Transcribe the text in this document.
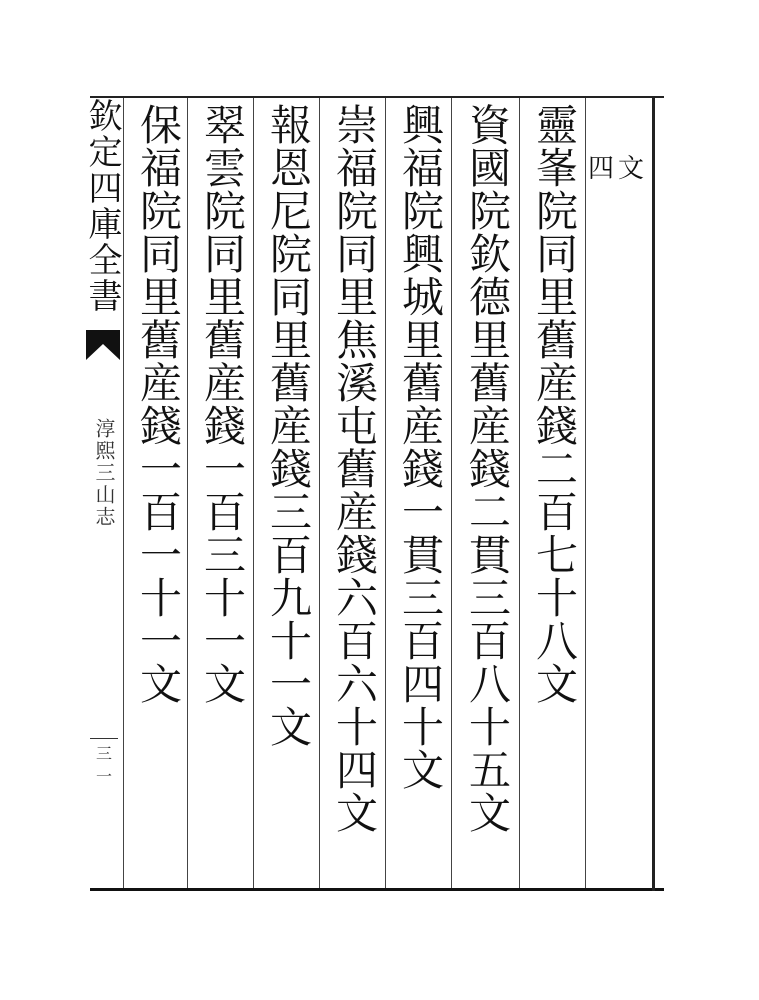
四文
靈峯院同里舊産錢二百七十八文
資國院欽德里舊産錢二貫三百八十五文
興福院興城里舊産錢一貫三百四十文
崇福院同里焦溪屯舊産錢六百六十四文
報恩尼院同里舊産錢三百九十一文
翠雲院同里舊産錢一百三十一文
保福院同里舊産錢一百一十一文
欽定四庫全書
淳熙三山志
三一
